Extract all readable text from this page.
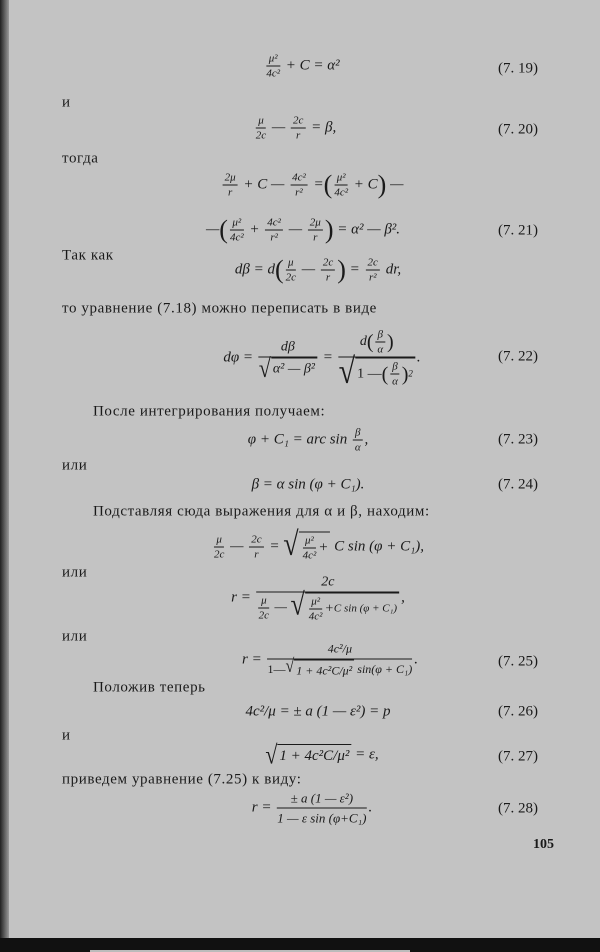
$\frac{\text{μ²}}{\text{4c²}} + C = \alpha^2$	(7. 19)
и
$\frac{\mu}{2c}$ — $\frac{2c}{r} = \beta$,	(7. 20)
тогда
$\frac{2\mu}{r} + C$ — $\frac{\text{4c²}}{\text{r²}}$ =( $\frac{\text{μ²}}{\text{4c²}} + C$) —
—( $\frac{\text{μ²}}{\text{4c²}} + \frac{\text{4c²}}{\text{r²}}$ — $\frac{2\mu}{r}$ ) = α² — β².	(7. 21)
Так как
$d\beta = d( \frac{\mu}{2c}$ — $\frac{2c}{r}$ ) = $\frac{2c}{\text{r²}}$ dr,
то уравнение (7.18) можно переписать в виде
$d\varphi = \frac{d\beta}{\text{√ α² — β²}} = \frac{d( \frac{\beta}{\alpha} )}{√ 1 — ( \frac{\beta}{\alpha} ) 2}$ .	(7. 22)
После интегрирования получаем:
φ + C₁ = arc $\sin \frac{\beta}{\alpha}$ ,	(7. 23)
или
β = α sin (φ + C₁).	(7. 24)
Подставляя сюда выражения для α и β, находим:
$\frac{\mu}{2c}$ — $\frac{2c}{r}$ = √ $\frac{\text{μ²}}{\text{4c²}} + C$ sin (φ + C₁),
или
$r = \frac{2c}{\frac{\mu}{2c} — √ \frac{\text{μ²}}{\text{4c²}} + C \sin (\varphi + C_1)}$ ,
или
$r = \frac{\text{4c²/μ}}{\text{1— √ 1 + 4c²C/μ² sin(φ + C₁)}}$ .	(7. 25)
Положив теперь
4c²/μ = ± a (1 — ε²) = p	(7. 26)
и
√ 1 + 4c²C/μ² = ε,	(7. 27)
приведем уравнение (7.25) к виду:
$r = \frac{\text{± a (1 — ε²)}}{\text{1 — ε sin (φ+C₁)}}$ .	(7. 28)
105
